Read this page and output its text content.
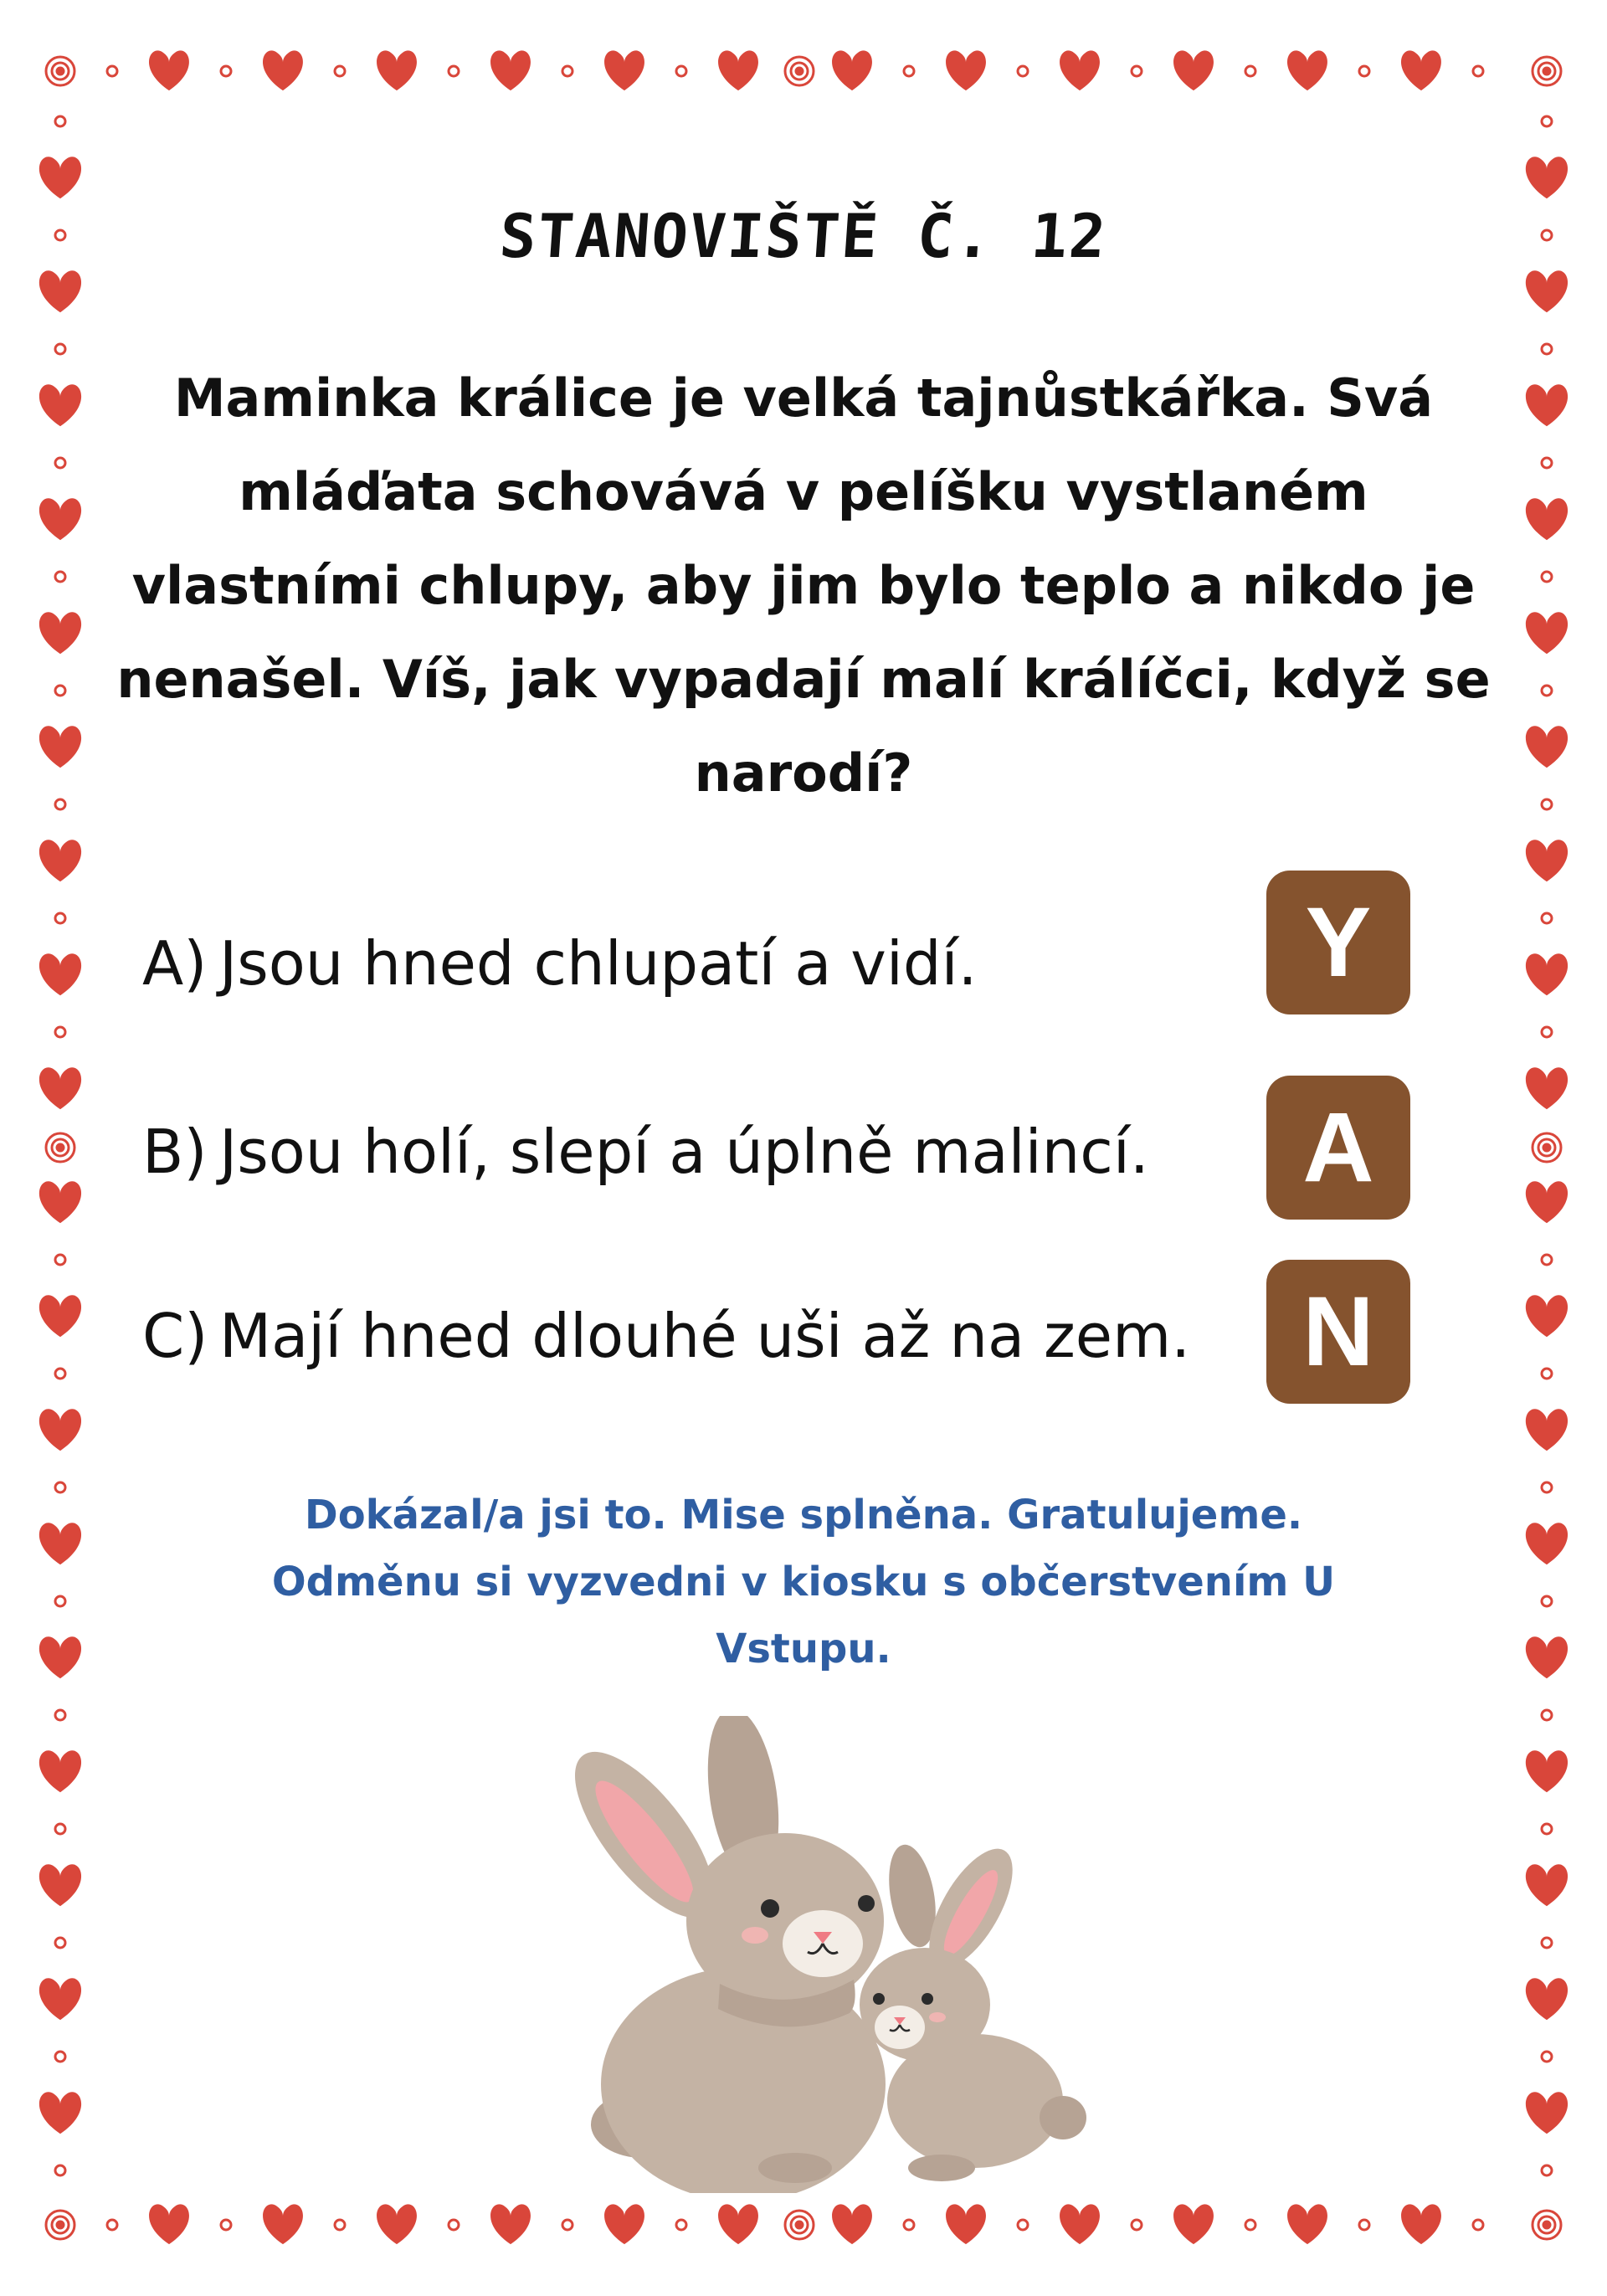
STANOVIŠTĚ Č. 12
Maminka králice je velká tajnůstkářka. Svá mláďata schovává v pelíšku vystlaném vlastními chlupy, aby jim bylo teplo a nikdo je nenašel. Víš, jak vypadají malí králíčci, když se narodí?
A) Jsou hned chlupatí a vidí.	Y
B) Jsou holí, slepí a úplně malincí.	A
C) Mají hned dlouhé uši až na zem.	N
Dokázal/a jsi to. Mise splněna. Gratulujeme.
Odměnu si vyzvedni v kiosku s občerstvením U
Vstupu.
